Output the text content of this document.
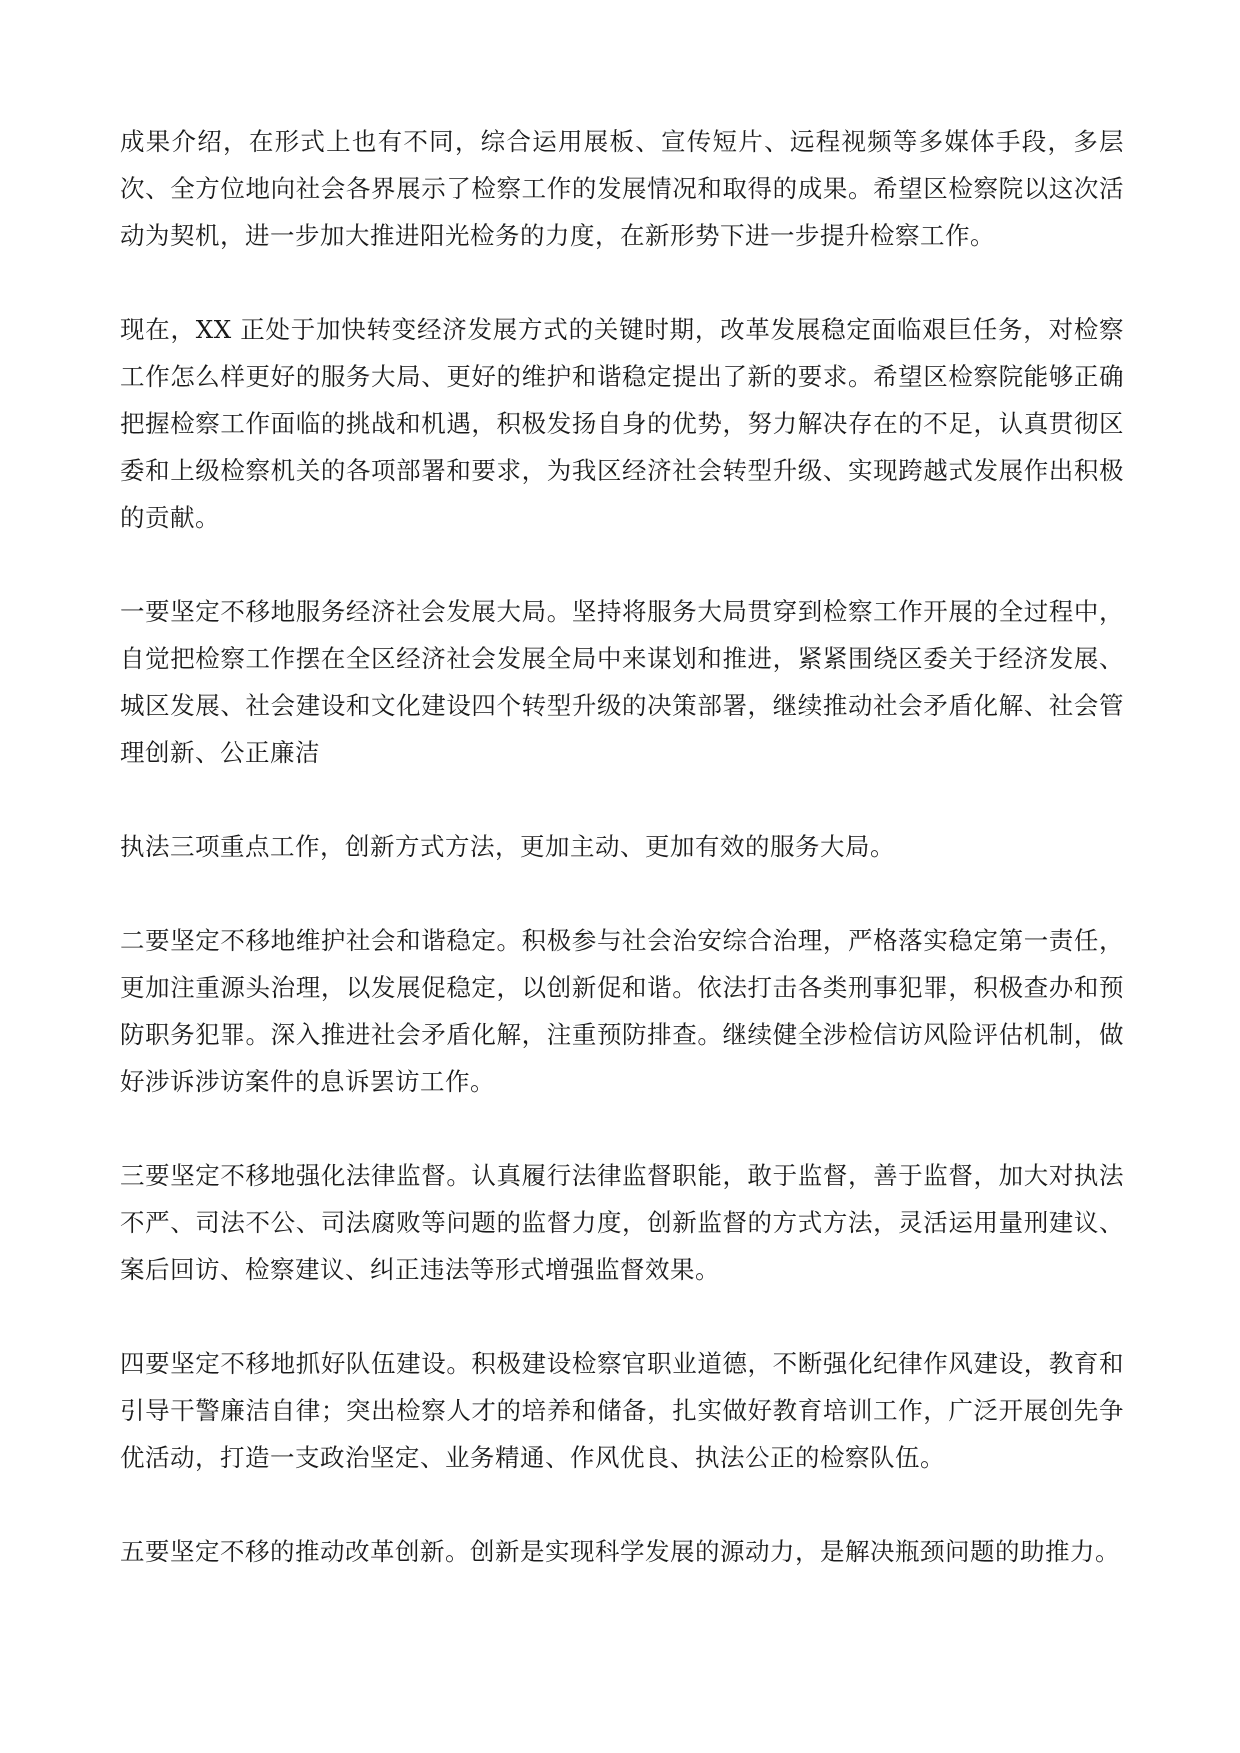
成果介绍，在形式上也有不同，综合运用展板、宣传短片、远程视频等多媒体手段，多层次、全方位地向社会各界展示了检察工作的发展情况和取得的成果。希望区检察院以这次活动为契机，进一步加大推进阳光检务的力度，在新形势下进一步提升检察工作。

现在，XX 正处于加快转变经济发展方式的关键时期，改革发展稳定面临艰巨任务，对检察工作怎么样更好的服务大局、更好的维护和谐稳定提出了新的要求。希望区检察院能够正确把握检察工作面临的挑战和机遇，积极发扬自身的优势，努力解决存在的不足，认真贯彻区委和上级检察机关的各项部署和要求，为我区经济社会转型升级、实现跨越式发展作出积极的贡献。

一要坚定不移地服务经济社会发展大局。坚持将服务大局贯穿到检察工作开展的全过程中，自觉把检察工作摆在全区经济社会发展全局中来谋划和推进，紧紧围绕区委关于经济发展、城区发展、社会建设和文化建设四个转型升级的决策部署，继续推动社会矛盾化解、社会管理创新、公正廉洁

执法三项重点工作，创新方式方法，更加主动、更加有效的服务大局。

二要坚定不移地维护社会和谐稳定。积极参与社会治安综合治理，严格落实稳定第一责任，更加注重源头治理，以发展促稳定，以创新促和谐。依法打击各类刑事犯罪，积极查办和预防职务犯罪。深入推进社会矛盾化解，注重预防排查。继续健全涉检信访风险评估机制，做好涉诉涉访案件的息诉罢访工作。

三要坚定不移地强化法律监督。认真履行法律监督职能，敢于监督，善于监督，加大对执法不严、司法不公、司法腐败等问题的监督力度，创新监督的方式方法，灵活运用量刑建议、案后回访、检察建议、纠正违法等形式增强监督效果。

四要坚定不移地抓好队伍建设。积极建设检察官职业道德，不断强化纪律作风建设，教育和引导干警廉洁自律；突出检察人才的培养和储备，扎实做好教育培训工作，广泛开展创先争优活动，打造一支政治坚定、业务精通、作风优良、执法公正的检察队伍。

五要坚定不移的推动改革创新。创新是实现科学发展的源动力，是解决瓶颈问题的助推力。
